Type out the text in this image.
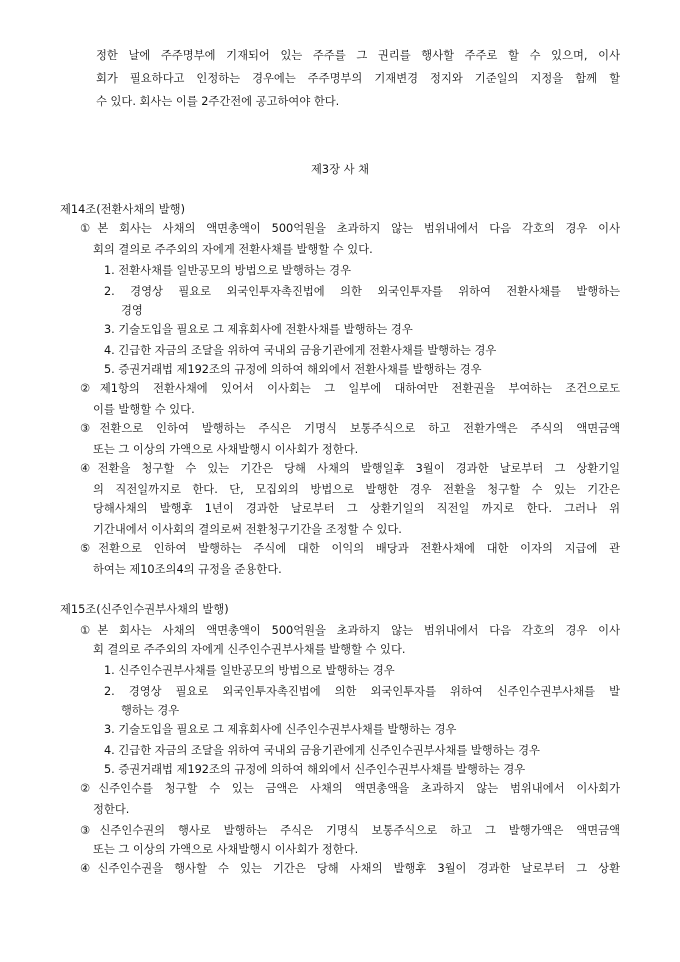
정한 날에 주주명부에 기재되어 있는 주주를 그 권리를 행사할 주주로 할 수 있으며, 이사
회가 필요하다고 인정하는 경우에는 주주명부의 기재변경 정지와 기준일의 지정을 함께 할
수 있다. 회사는 이를 2주간전에 공고하여야 한다.
제3장 사 채
제14조(전환사채의 발행)
①본 회사는 사채의 액면총액이 500억원을 초과하지 않는 범위내에서 다음 각호의 경우 이사
회의 결의로 주주외의 자에게 전환사채를 발행할 수 있다.
1. 전환사채를 일반공모의 방법으로 발행하는 경우
2. 경영상 필요로 외국인투자촉진법에 의한 외국인투자를 위하여 전환사채를 발행하는
경영
3. 기술도입을 필요로 그 제휴회사에 전환사채를 발행하는 경우
4. 긴급한 자금의 조달을 위하여 국내외 금융기관에게 전환사채를 발행하는 경우
5. 증권거래법 제192조의 규정에 의하여 해외에서 전환사채를 발행하는 경우
②제1항의 전환사채에 있어서 이사회는 그 일부에 대하여만 전환권을 부여하는 조건으로도
이를 발행할 수 있다.
③전환으로 인하여 발행하는 주식은 기명식 보통주식으로 하고 전환가액은 주식의 액면금액
또는 그 이상의 가액으로 사채발행시 이사회가 정한다.
④전환을 청구할 수 있는 기간은 당해 사채의 발행일후 3월이 경과한 날로부터 그 상환기일
의 직전일까지로 한다. 단, 모집외의 방법으로 발행한 경우 전환을 청구할 수 있는 기간은
당해사채의 발행후 1년이 경과한 날로부터 그 상환기일의 직전일 까지로 한다. 그러나 위
기간내에서 이사회의 결의로써 전환청구기간을 조정할 수 있다.
⑤전환으로 인하여 발행하는 주식에 대한 이익의 배당과 전환사채에 대한 이자의 지급에 관
하여는 제10조의4의 규정을 준용한다.
제15조(신주인수권부사채의 발행)
①본 회사는 사채의 액면총액이 500억원을 초과하지 않는 범위내에서 다음 각호의 경우 이사
회 결의로 주주외의 자에게 신주인수권부사채를 발행할 수 있다.
1. 신주인수권부사채를 일반공모의 방법으로 발행하는 경우
2. 경영상 필요로 외국인투자촉진법에 의한 외국인투자를 위하여 신주인수권부사채를 발
행하는 경우
3. 기술도입을 필요로 그 제휴회사에 신주인수권부사채를 발행하는 경우
4. 긴급한 자금의 조달을 위하여 국내외 금융기관에게 신주인수권부사채를 발행하는 경우
5. 증권거래법 제192조의 규정에 의하여 해외에서 신주인수권부사채를 발행하는 경우
②신주인수를 청구할 수 있는 금액은 사채의 액면총액을 초과하지 않는 범위내에서 이사회가
정한다.
③신주인수권의 행사로 발행하는 주식은 기명식 보통주식으로 하고 그 발행가액은 액면금액
또는 그 이상의 가액으로 사채발행시 이사회가 정한다.
④신주인수권을 행사할 수 있는 기간은 당해 사채의 발행후 3월이 경과한 날로부터 그 상환
